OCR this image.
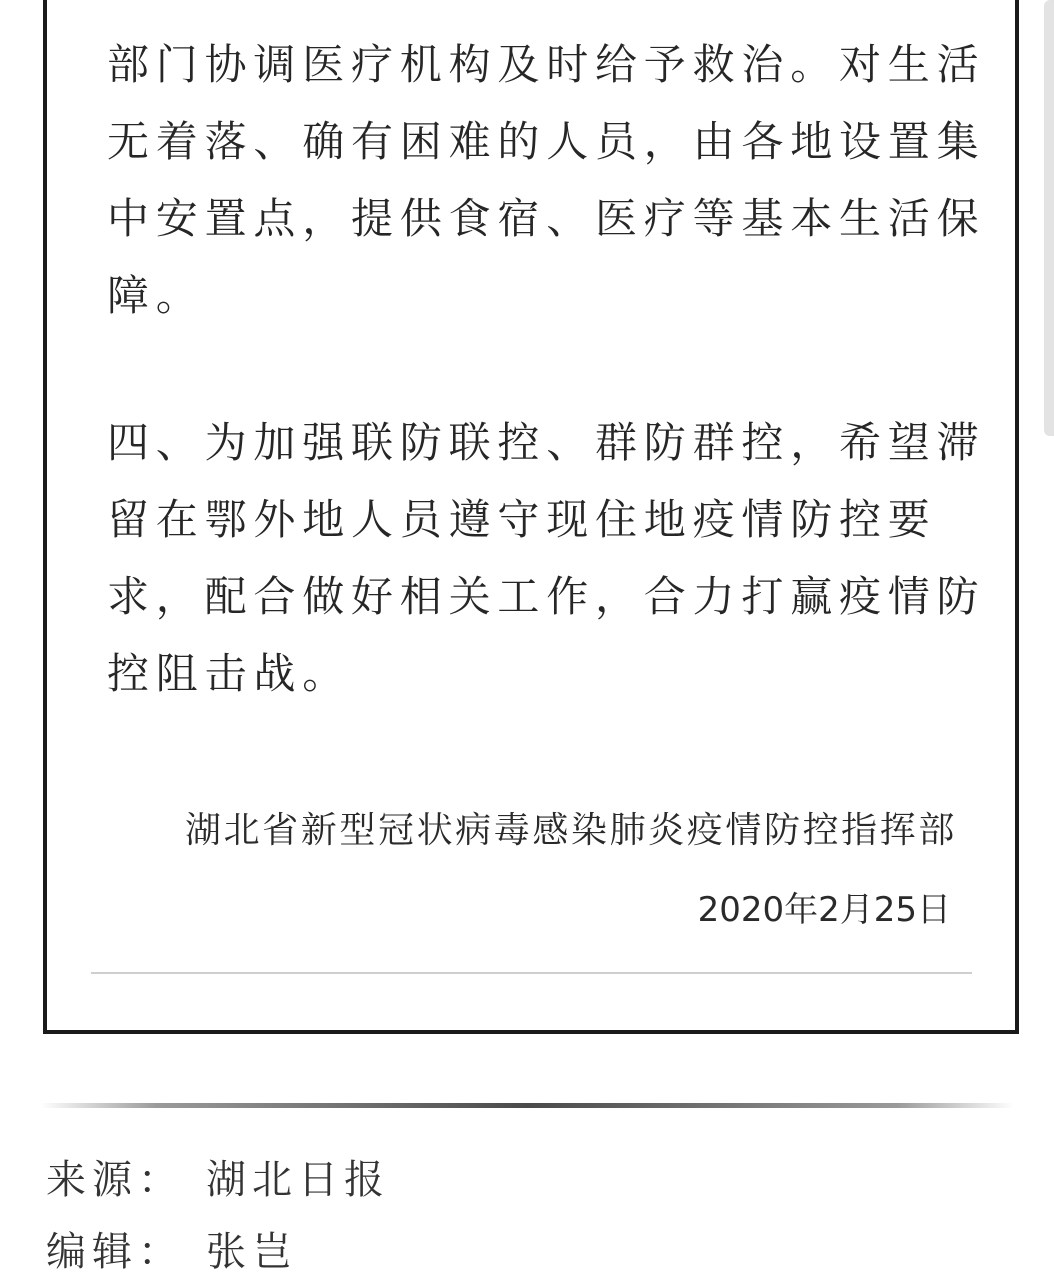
部门协调医疗机构及时给予救治。对生活
无着落、确有困难的人员，由各地设置集
中安置点，提供食宿、医疗等基本生活保
障。

四、为加强联防联控、群防群控，希望滞
留在鄂外地人员遵守现住地疫情防控要
求，配合做好相关工作，合力打赢疫情防
控阻击战。

湖北省新型冠状病毒感染肺炎疫情防控指挥部
2020年2月25日
来源： 湖北日报
编辑： 张岂
